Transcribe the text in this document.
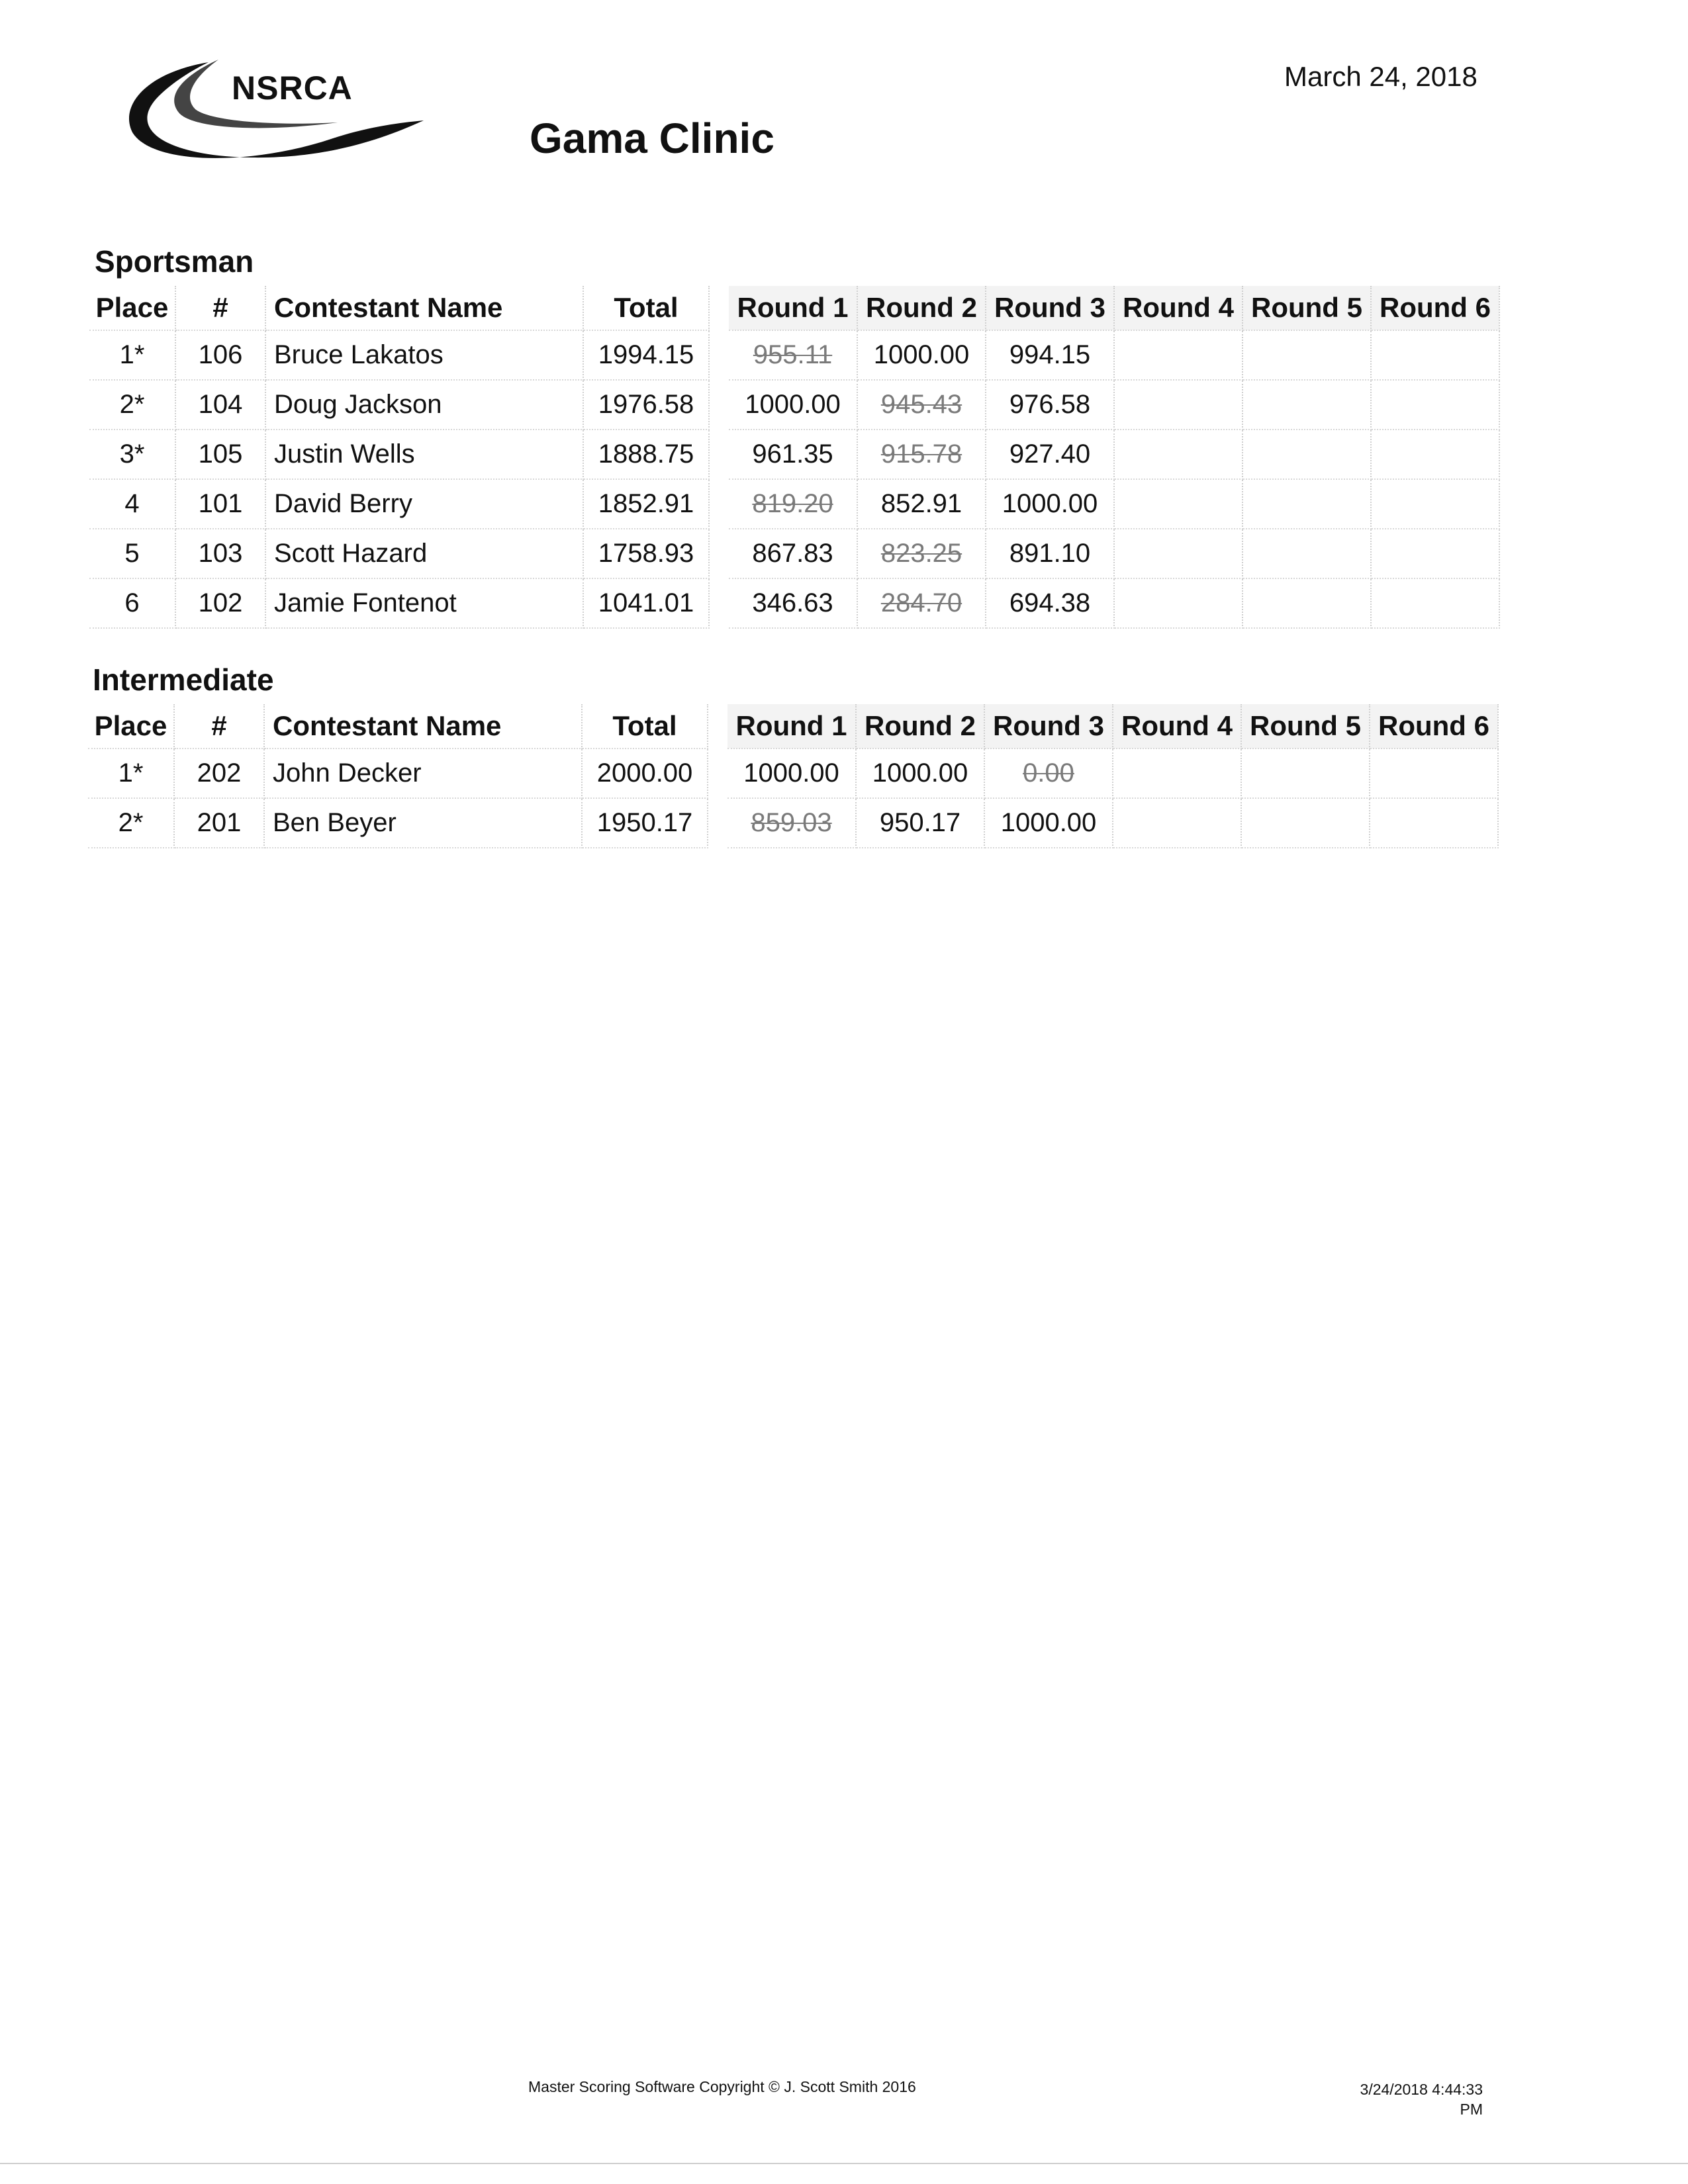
NSRCA	March 24, 2018
Gama Clinic
Sportsman
Place	#	Contestant Name	Total		Round 1	Round 2	Round 3	Round 4	Round 5	Round 6
1*	106	Bruce Lakatos	1994.15		955.11	1000.00	994.15			
2*	104	Doug Jackson	1976.58		1000.00	945.43	976.58			
3*	105	Justin Wells	1888.75		961.35	915.78	927.40			
4	101	David Berry	1852.91		819.20	852.91	1000.00			
5	103	Scott Hazard	1758.93		867.83	823.25	891.10			
6	102	Jamie Fontenot	1041.01		346.63	284.70	694.38			
Intermediate
Place	#	Contestant Name	Total		Round 1	Round 2	Round 3	Round 4	Round 5	Round 6
1*	202	John Decker	2000.00		1000.00	1000.00	0.00			
2*	201	Ben Beyer	1950.17		859.03	950.17	1000.00			
Master Scoring Software Copyright © J. Scott Smith 2016	3/24/2018 4:44:33
PM
